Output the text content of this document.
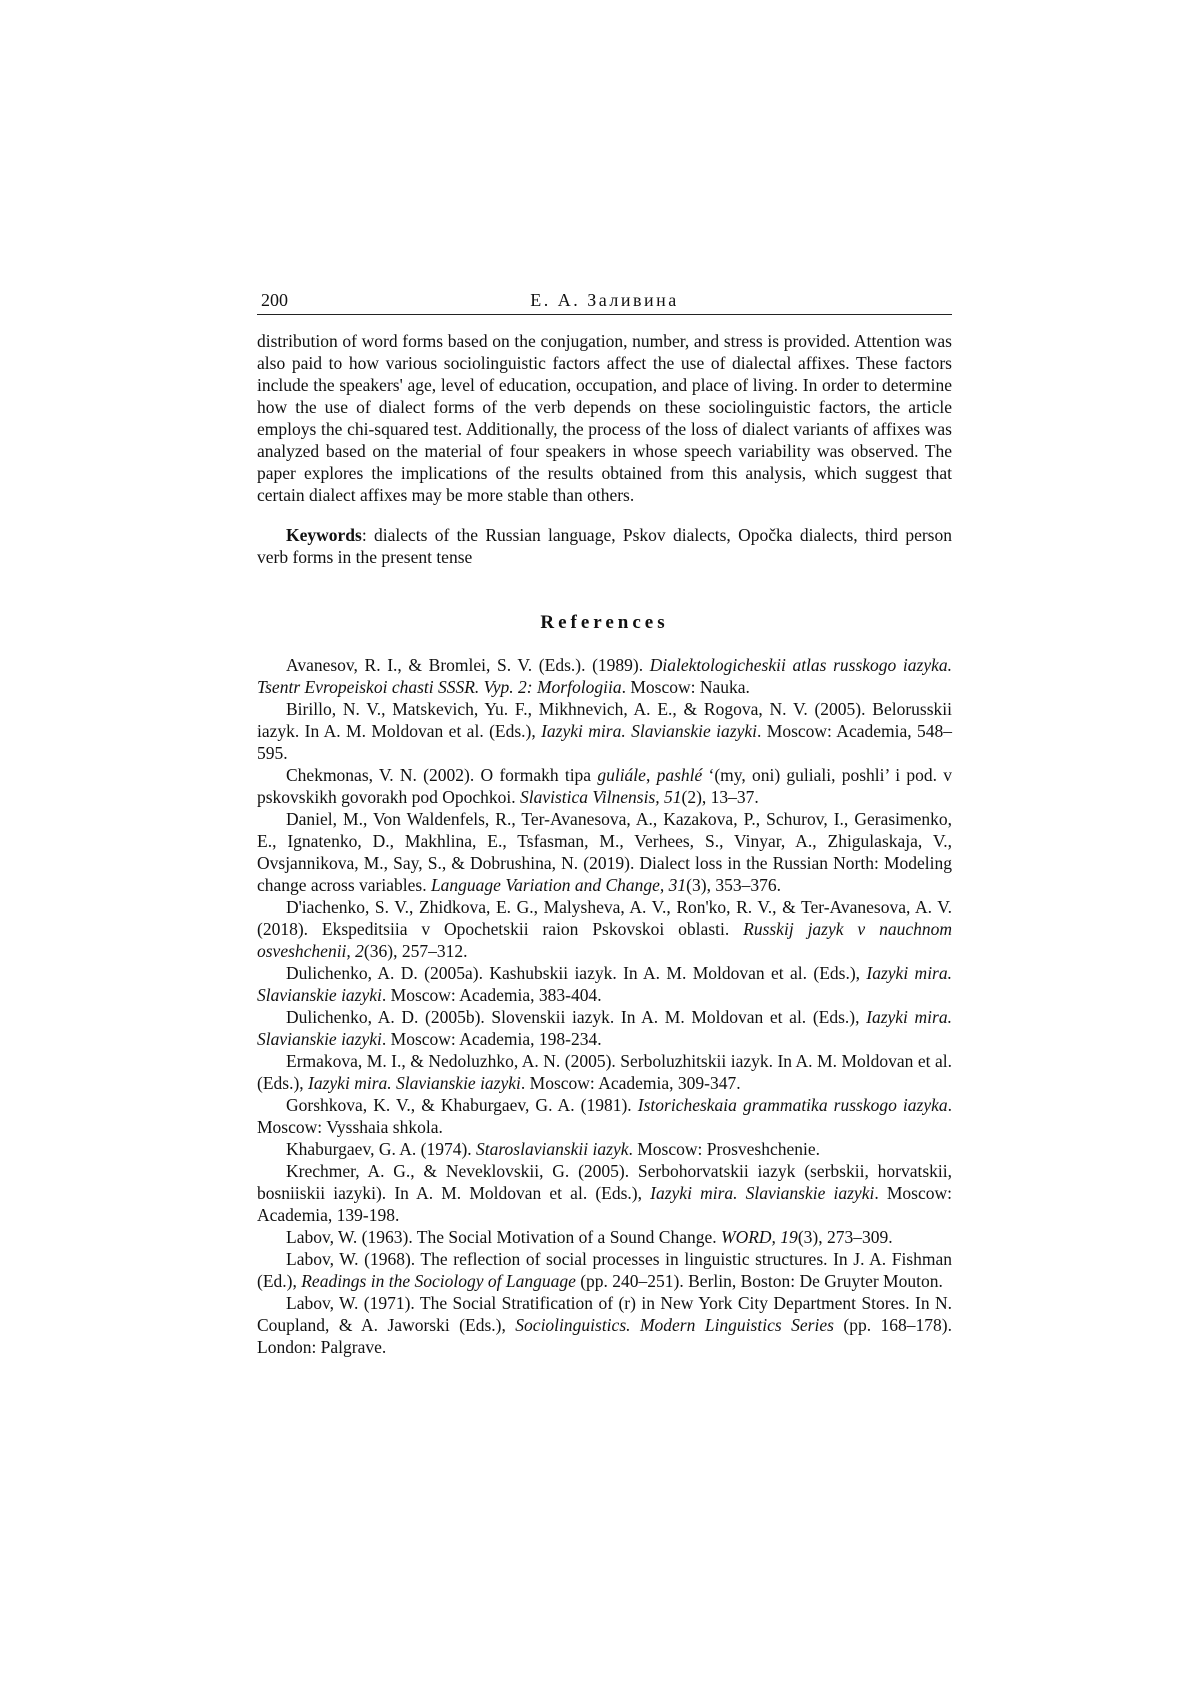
200	Е. А. Заливина

distribution of word forms based on the conjugation, number, and stress is provided. Attention was also paid to how various sociolinguistic factors affect the use of dialectal affixes. These factors include the speakers' age, level of education, occupation, and place of living. In order to determine how the use of dialect forms of the verb depends on these sociolinguistic factors, the article employs the chi-squared test. Additionally, the process of the loss of dialect variants of affixes was analyzed based on the material of four speakers in whose speech variability was observed. The paper explores the implications of the results obtained from this analysis, which suggest that certain dialect affixes may be more stable than others.

Keywords: dialects of the Russian language, Pskov dialects, Opočka dialects, third person verb forms in the present tense

References

Avanesov, R. I., & Bromlei, S. V. (Eds.). (1989). Dialektologicheskii atlas russkogo iazyka. Tsentr Evropeiskoi chasti SSSR. Vyp. 2: Morfologiia. Moscow: Nauka.

Birillo, N. V., Matskevich, Yu. F., Mikhnevich, A. E., & Rogova, N. V. (2005). Belorusskii iazyk. In A. M. Moldovan et al. (Eds.), Iazyki mira. Slavianskie iazyki. Moscow: Academia, 548–595.

Chekmonas, V. N. (2002). O formakh tipa guliále, pashlé ‘(my, oni) guliali, poshli’ i pod. v pskovskikh govorakh pod Opochkoi. Slavistica Vilnensis, 51(2), 13–37.

Daniel, M., Von Waldenfels, R., Ter-Avanesova, A., Kazakova, P., Schurov, I., Gerasimenko, E., Ignatenko, D., Makhlina, E., Tsfasman, M., Verhees, S., Vinyar, A., Zhigulaskaja, V., Ovsjannikova, M., Say, S., & Dobrushina, N. (2019). Dialect loss in the Russian North: Modeling change across variables. Language Variation and Change, 31(3), 353–376.

D'iachenko, S. V., Zhidkova, E. G., Malysheva, A. V., Ron'ko, R. V., & Ter-Avanesova, A. V. (2018). Ekspeditsiia v Opochetskii raion Pskovskoi oblasti. Russkij jazyk v nauchnom osveshchenii, 2(36), 257–312.

Dulichenko, A. D. (2005a). Kashubskii iazyk. In A. M. Moldovan et al. (Eds.), Iazyki mira. Slavianskie iazyki. Moscow: Academia, 383-404.

Dulichenko, A. D. (2005b). Slovenskii iazyk. In A. M. Moldovan et al. (Eds.), Iazyki mira. Slavianskie iazyki. Moscow: Academia, 198-234.

Ermakova, M. I., & Nedoluzhko, A. N. (2005). Serboluzhitskii iazyk. In A. M. Moldovan et al. (Eds.), Iazyki mira. Slavianskie iazyki. Moscow: Academia, 309-347.

Gorshkova, K. V., & Khaburgaev, G. A. (1981). Istoricheskaia grammatika russkogo iazyka. Moscow: Vysshaia shkola.

Khaburgaev, G. A. (1974). Staroslavianskii iazyk. Moscow: Prosveshchenie.

Krechmer, A. G., & Neveklovskii, G. (2005). Serbohorvatskii iazyk (serbskii, horvatskii, bosniiskii iazyki). In A. M. Moldovan et al. (Eds.), Iazyki mira. Slavianskie iazyki. Moscow: Academia, 139-198.

Labov, W. (1963). The Social Motivation of a Sound Change. WORD, 19(3), 273–309.

Labov, W. (1968). The reflection of social processes in linguistic structures. In J. A. Fishman (Ed.), Readings in the Sociology of Language (pp. 240–251). Berlin, Boston: De Gruyter Mouton.

Labov, W. (1971). The Social Stratification of (r) in New York City Department Stores. In N. Coupland, & A. Jaworski (Eds.), Sociolinguistics. Modern Linguistics Series (pp. 168–178). London: Palgrave.
